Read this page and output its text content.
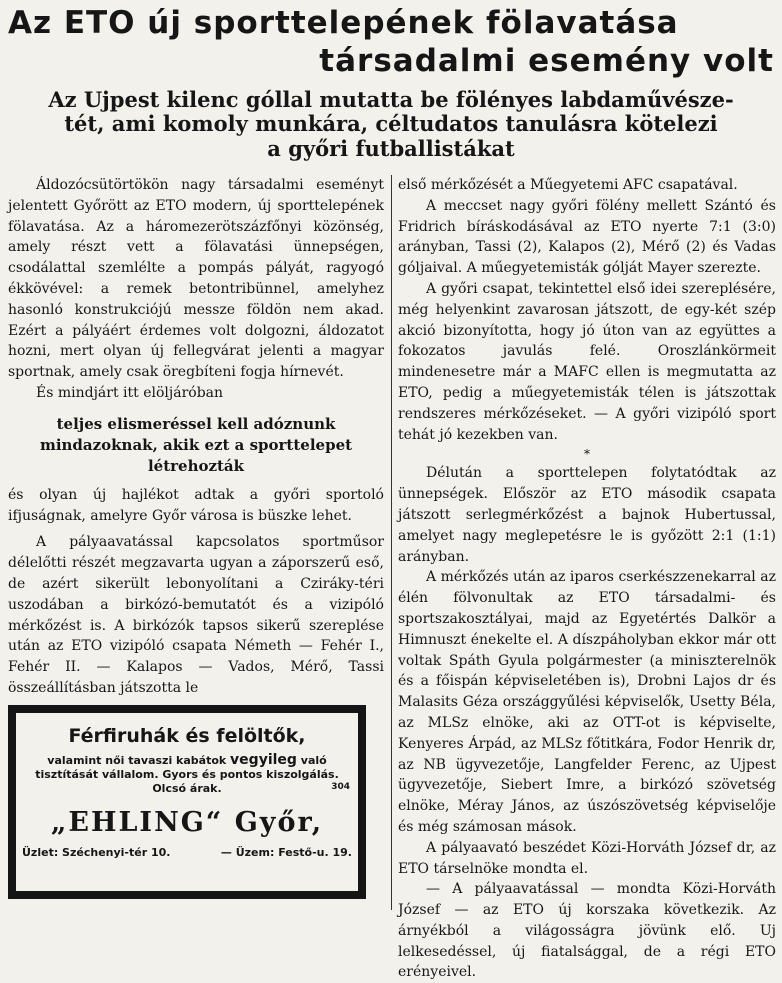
Az ETO új sporttelepének fölavatása
társadalmi esemény volt
Az Ujpest kilenc góllal mutatta be fölényes labdaművésze-
tét, ami komoly munkára, céltudatos tanulásra kötelezi
a győri futballistákat

Áldozócsütörtökön nagy társadalmi eseményt jelentett Győrött az ETO modern, új sporttelepének fölavatása. Az a háromezerötszázfőnyi közönség, amely részt vett a fölavatási ünnepségen, csodálattal szemlélte a pompás pályát, ragyogó ékkövével: a remek betontribünnel, amelyhez hasonló konstrukciójú messze földön nem akad. Ezért a pályáért érdemes volt dolgozni, áldozatot hozni, mert olyan új fellegvárat jelenti a magyar sportnak, amely csak öregbíteni fogja hírnevét.

És mindjárt itt elöljáróban

teljes elismeréssel kell adóznunk mindazoknak, akik ezt a sporttelepet létrehozták

és olyan új hajlékot adtak a győri sportoló ifjuságnak, amelyre Győr városa is büszke lehet.

A pályaavatással kapcsolatos sportműsor délelőtti részét megzavarta ugyan a záporszerű eső, de azért sikerült lebonyolítani a Cziráky-téri uszodában a birkózó-bemutatót és a vizipóló mérkőzést is. A birkózók tapsos sikerű szereplése után az ETO vizipóló csapata Németh — Fehér I., Fehér II. — Kalapos — Vados, Mérő, Tassi összeállításban játszotta le

első mérkőzését a Műegyetemi AFC csapatával.

A meccset nagy győri fölény mellett Szántó és Fridrich bíráskodásával az ETO nyerte 7:1 (3:0) arányban, Tassi (2), Kalapos (2), Mérő (2) és Vadas góljaival. A műegyetemisták gólját Mayer szerezte.

A győri csapat, tekintettel első idei szereplésére, még helyenkint zavarosan játszott, de egy-két szép akció bizonyította, hogy jó úton van az együttes a fokozatos javulás felé. Oroszlánkörmeit mindenesetre már a MAFC ellen is megmutatta az ETO, pedig a műegyetemisták télen is játszottak rendszeres mérkőzéseket. — A győri vizipóló sport tehát jó kezekben van.

*

Délután a sporttelepen folytatódtak az ünnepségek. Először az ETO második csapata játszott serlegmérkőzést a bajnok Hubertussal, amelyet nagy meglepetésre le is győzött 2:1 (1:1) arányban.

A mérkőzés után az iparos cserkészzenekarral az élén fölvonultak az ETO társadalmi- és sportszakosztályai, majd az Egyetértés Dalkör a Himnuszt énekelte el. A díszpáholyban ekkor már ott voltak Spáth Gyula polgármester (a miniszterelnök és a főispán képviseletében is), Drobni Lajos dr és Malasits Géza országgyűlési képviselők, Usetty Béla, az MLSz elnöke, aki az OTT-ot is képviselte, Kenyeres Árpád, az MLSz főtitkára, Fodor Henrik dr, az NB ügyvezetője, Langfelder Ferenc, az Ujpest ügyvezetője, Siebert Imre, a birkózó szövetség elnöke, Méray János, az úszószövetség képviselője és még számosan mások.

A pályaavató beszédet Közi-Horváth József dr, az ETO társelnöke mondta el.

— A pályaavatással — mondta Közi-Horváth József — az ETO új korszaka következik. Az árnyékból a világosságra jövünk elő. Uj lelkesedéssel, új fiatalsággal, de a régi ETO erényeivel.

Férfiruhák és felöltők,
valamint női tavaszi kabátok vegyileg való tisztítását vállalom. Gyors és pontos kiszolgálás.
Olcsó árak.	304
„EHLING“ Győr,
Üzlet: Széchenyi-tér 10.	— Üzem: Festő-u. 19.
